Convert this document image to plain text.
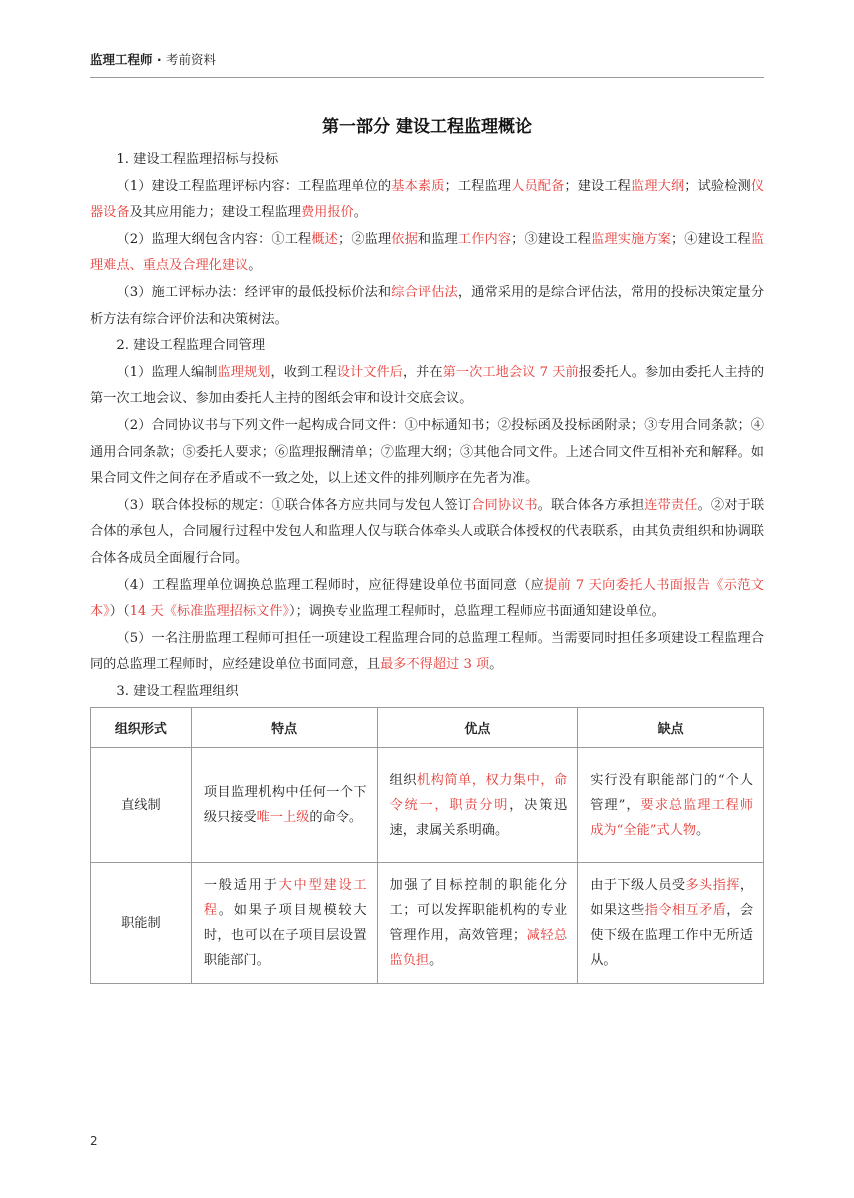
监理工程师 · 考前资料
第一部分 建设工程监理概论

1. 建设工程监理招标与投标

（1）建设工程监理评标内容：工程监理单位的基本素质；工程监理人员配备；建设工程监理大纲；试验检测仪器设备及其应用能力；建设工程监理费用报价。

（2）监理大纲包含内容：①工程概述；②监理依据和监理工作内容；③建设工程监理实施方案；④建设工程监理难点、重点及合理化建议。

（3）施工评标办法：经评审的最低投标价法和综合评估法，通常采用的是综合评估法，常用的投标决策定量分析方法有综合评价法和决策树法。

2. 建设工程监理合同管理

（1）监理人编制监理规划，收到工程设计文件后，并在第一次工地会议 7 天前报委托人。参加由委托人主持的第一次工地会议、参加由委托人主持的图纸会审和设计交底会议。

（2）合同协议书与下列文件一起构成合同文件：①中标通知书；②投标函及投标函附录；③专用合同条款；④通用合同条款；⑤委托人要求；⑥监理报酬清单；⑦监理大纲；③其他合同文件。上述合同文件互相补充和解释。如果合同文件之间存在矛盾或不一致之处，以上述文件的排列顺序在先者为准。

（3）联合体投标的规定：①联合体各方应共同与发包人签订合同协议书。联合体各方承担连带责任。②对于联合体的承包人，合同履行过程中发包人和监理人仅与联合体牵头人或联合体授权的代表联系，由其负责组织和协调联合体各成员全面履行合同。

（4）工程监理单位调换总监理工程师时，应征得建设单位书面同意（应提前 7 天向委托人书面报告《示范文本》）（14 天《标准监理招标文件》）；调换专业监理工程师时，总监理工程师应书面通知建设单位。

（5）一名注册监理工程师可担任一项建设工程监理合同的总监理工程师。当需要同时担任多项建设工程监理合同的总监理工程师时，应经建设单位书面同意，且最多不得超过 3 项。

3. 建设工程监理组织

组织形式	特点	优点	缺点
直线制	项目监理机构中任何一个下级只接受唯一上级的命令。	组织机构简单，权力集中，命令统一，职责分明，决策迅速，隶属关系明确。	实行没有职能部门的“个人管理”，要求总监理工程师成为“全能”式人物。
职能制	一般适用于大中型建设工程。如果子项目规模较大时，也可以在子项目层设置职能部门。	加强了目标控制的职能化分工；可以发挥职能机构的专业管理作用，高效管理；减轻总监负担。	由于下级人员受多头指挥，如果这些指令相互矛盾，会使下级在监理工作中无所适从。
2
